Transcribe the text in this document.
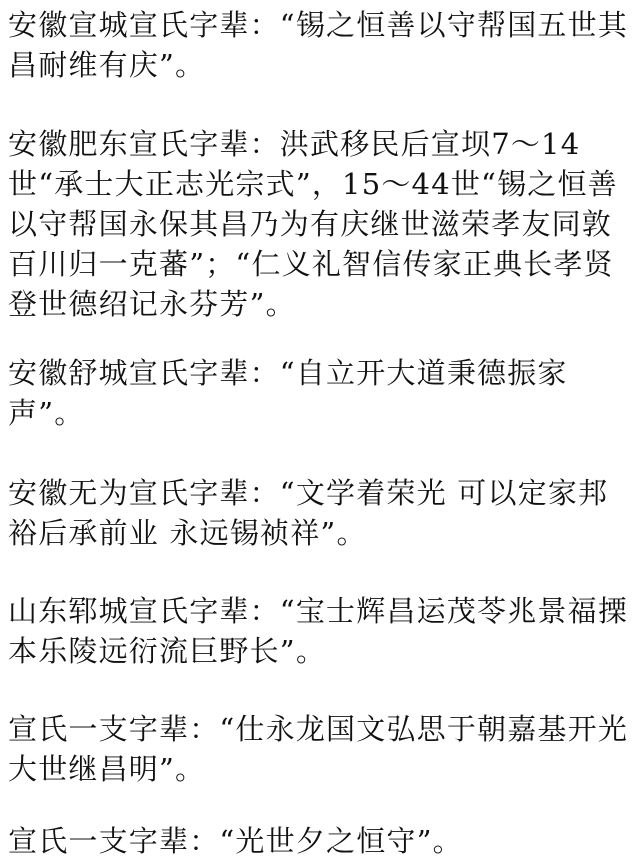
安徽宣城宣氏字辈：“锡之恒善以守帮国五世其昌耐维有庆”。
安徽肥东宣氏字辈：洪武移民后宣坝7～14世“承士大正志光宗式”，15～44世“锡之恒善以守帮国永保其昌乃为有庆继世滋荣孝友同敦百川归一克蕃”；“仁义礼智信传家正典长孝贤登世德绍记永芬芳”。
安徽舒城宣氏字辈：“自立开大道秉德振家声”。
安徽无为宣氏字辈：“文学着荣光 可以定家邦 裕后承前业 永远锡祯祥”。
山东郓城宣氏字辈：“宝士辉昌运茂苓兆景福搮本乐陵远衍流巨野长”。
宣氏一支字辈：“仕永龙国文弘思于朝嘉基开光大世继昌明”。
宣氏一支字辈：“光世夕之恒守”。
